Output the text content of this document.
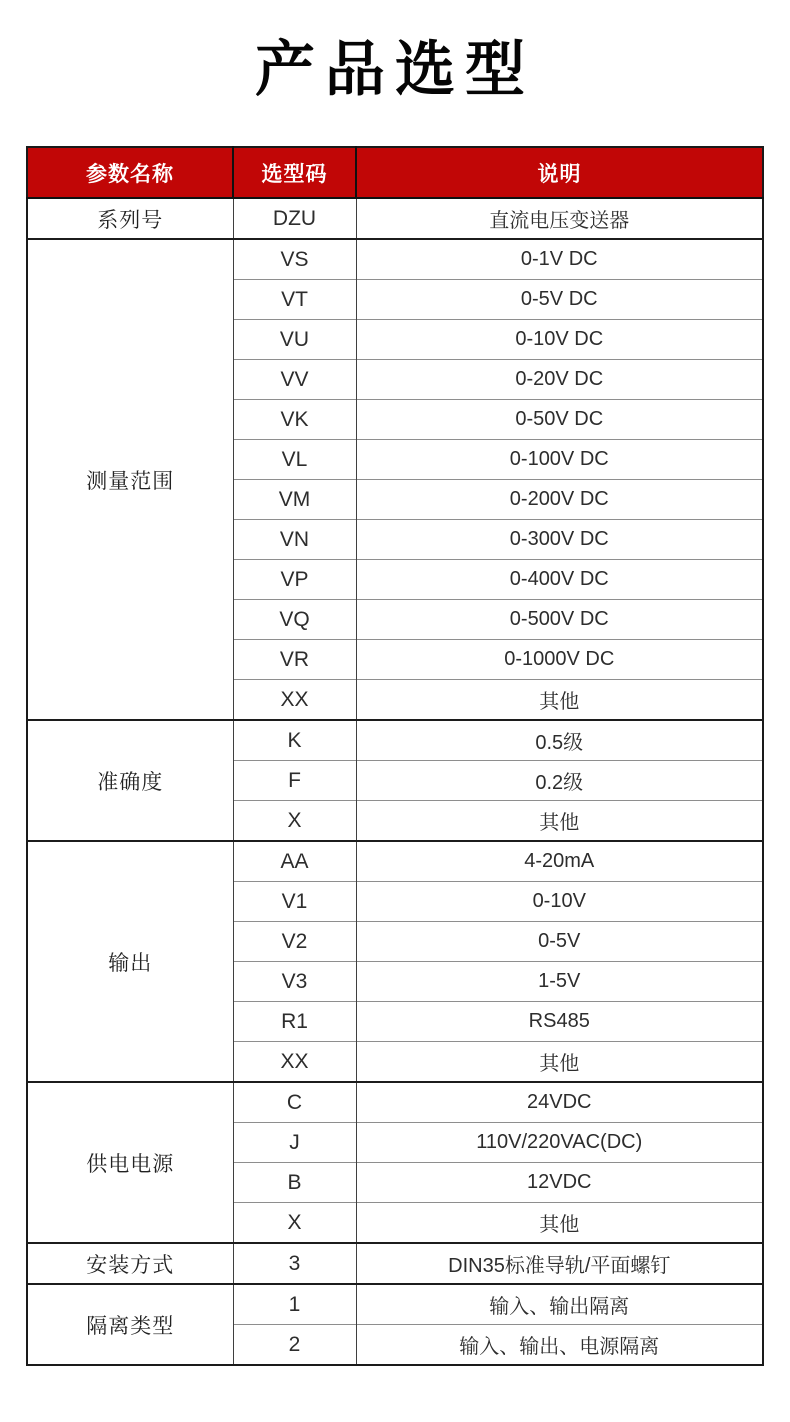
产品选型
参数名称	选型码	说明
系列号	DZU	直流电压变送器
测量范围	VS	0-1V DC
	VT	0-5V DC
	VU	0-10V DC
	VV	0-20V DC
	VK	0-50V DC
	VL	0-100V DC
	VM	0-200V DC
	VN	0-300V DC
	VP	0-400V DC
	VQ	0-500V DC
	VR	0-1000V DC
	XX	其他
准确度	K	0.5级
	F	0.2级
	X	其他
输出	AA	4-20mA
	V1	0-10V
	V2	0-5V
	V3	1-5V
	R1	RS485
	XX	其他
供电电源	C	24VDC
	J	110V/220VAC(DC)
	B	12VDC
	X	其他
安装方式	3	DIN35标准导轨/平面螺钉
隔离类型	1	输入、输出隔离
	2	输入、输出、电源隔离
